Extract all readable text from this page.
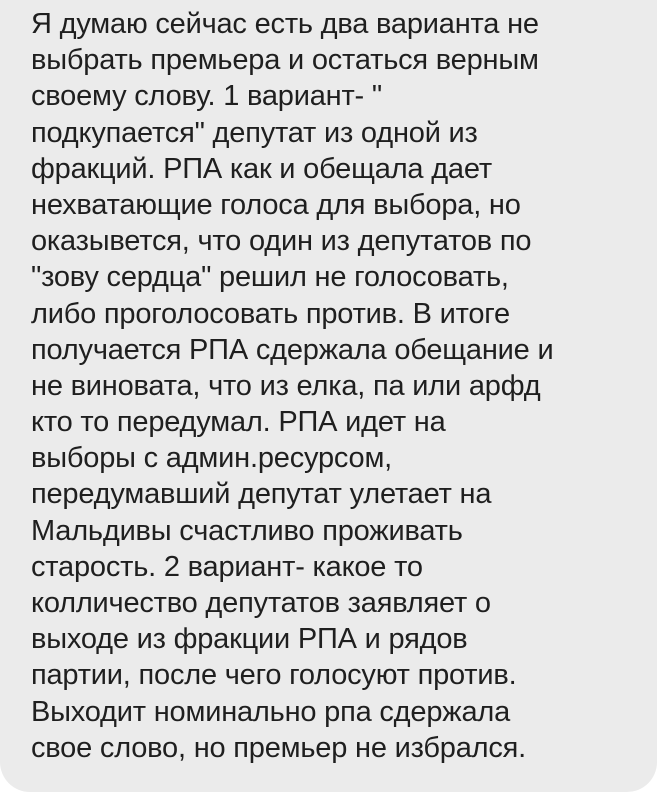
Я думаю сейчас есть два варианта не
выбрать премьера и остаться верным
своему слову. 1 вариант- "
подкупается" депутат из одной из
фракций. РПА как и обещала дает
нехватающие голоса для выбора, но
оказывется, что один из депутатов по
"зову сердца" решил не голосовать,
либо проголосовать против. В итоге
получается РПА сдержала обещание и
не виновата, что из елка, па или арфд
кто то передумал. РПА идет на
выборы с админ.ресурсом,
передумавший депутат улетает на
Мальдивы счастливо проживать
старость. 2 вариант- какое то
колличество депутатов заявляет о
выходе из фракции РПА и рядов
партии, после чего голосуют против.
Выходит номинально рпа сдержала
свое слово, но премьер не избрался.
